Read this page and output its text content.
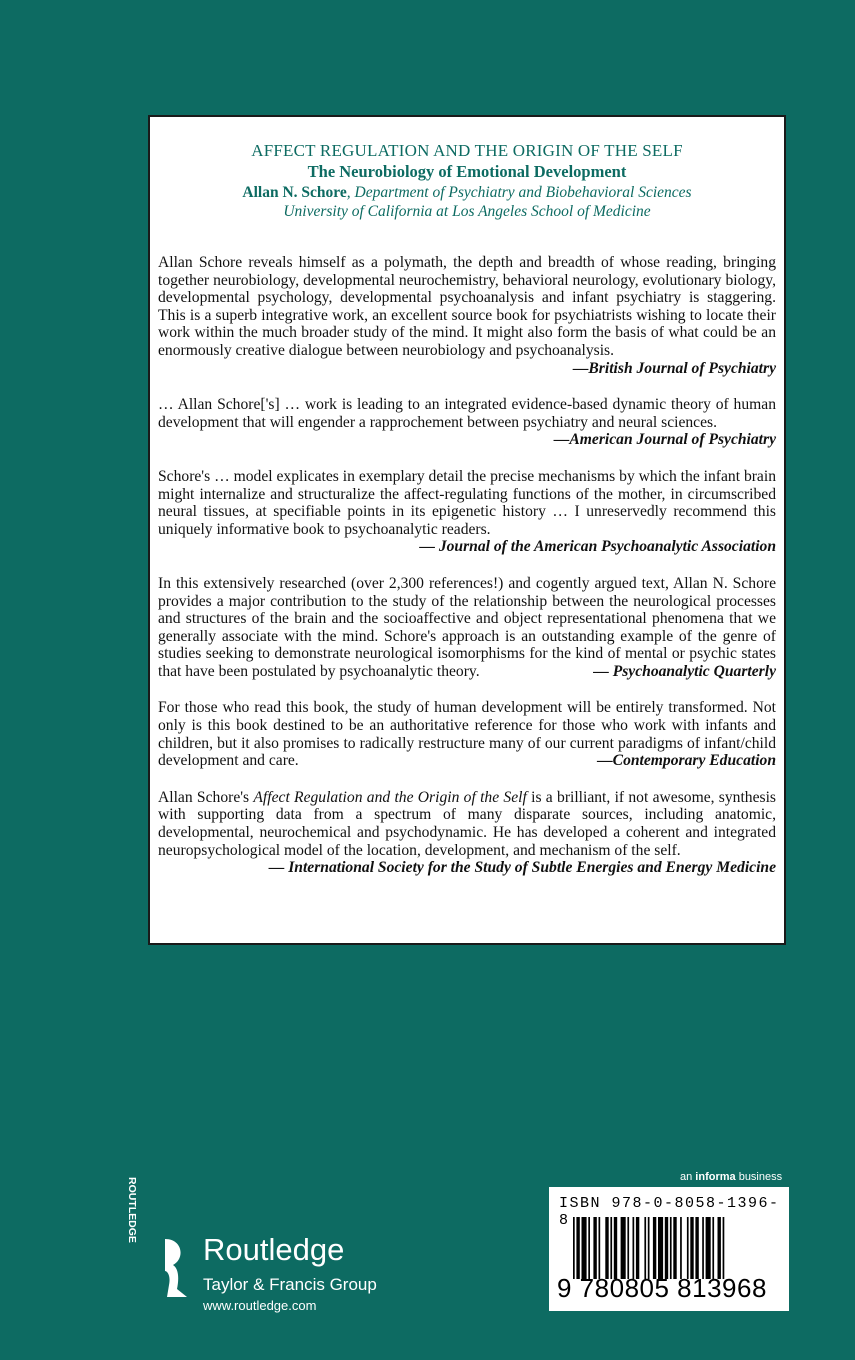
AFFECT REGULATION AND THE ORIGIN OF THE SELF
The Neurobiology of Emotional Development
Allan N. Schore, Department of Psychiatry and Biobehavioral Sciences
University of California at Los Angeles School of Medicine
Allan Schore reveals himself as a polymath, the depth and breadth of whose reading, bringing together neurobiology, developmental neurochemistry, behavioral neurology, evolutionary biology, developmental psychology, developmental psychoanalysis and infant psychiatry is staggering. This is a superb integrative work, an excellent source book for psychiatrists wishing to locate their work within the much broader study of the mind. It might also form the basis of what could be an enormously creative dialogue between neurobiology and psychoanalysis.
—British Journal of Psychiatry
… Allan Schore['s] … work is leading to an integrated evidence-based dynamic theory of human development that will engender a rapprochement between psychiatry and neural sciences.
—American Journal of Psychiatry
Schore's … model explicates in exemplary detail the precise mechanisms by which the infant brain might internalize and structuralize the affect-regulating functions of the mother, in circumscribed neural tissues, at specifiable points in its epigenetic history … I unreservedly recommend this uniquely informative book to psychoanalytic readers.
— Journal of the American Psychoanalytic Association
In this extensively researched (over 2,300 references!) and cogently argued text, Allan N. Schore provides a major contribution to the study of the relationship between the neurological processes and structures of the brain and the socioaffective and object representational phenomena that we generally associate with the mind. Schore's approach is an outstanding example of the genre of studies seeking to demonstrate neurological isomorphisms for the kind of mental or psychic states that have been postulated by psychoanalytic theory.	— Psychoanalytic Quarterly
For those who read this book, the study of human development will be entirely transformed. Not only is this book destined to be an authoritative reference for those who work with infants and children, but it also promises to radically restructure many of our current paradigms of infant/child development and care.	—Contemporary Education
Allan Schore's Affect Regulation and the Origin of the Self is a brilliant, if not awesome, synthesis with supporting data from a spectrum of many disparate sources, including anatomic, developmental, neurochemical and psychodynamic. He has developed a coherent and integrated neuropsychological model of the location, development, and mechanism of the self.
— International Society for the Study of Subtle Energies and Energy Medicine
an informa business
ISBN 978-0-8058-1396-8
9 780805 813968
ROUTLEDGE
Routledge
Taylor & Francis Group
www.routledge.com
